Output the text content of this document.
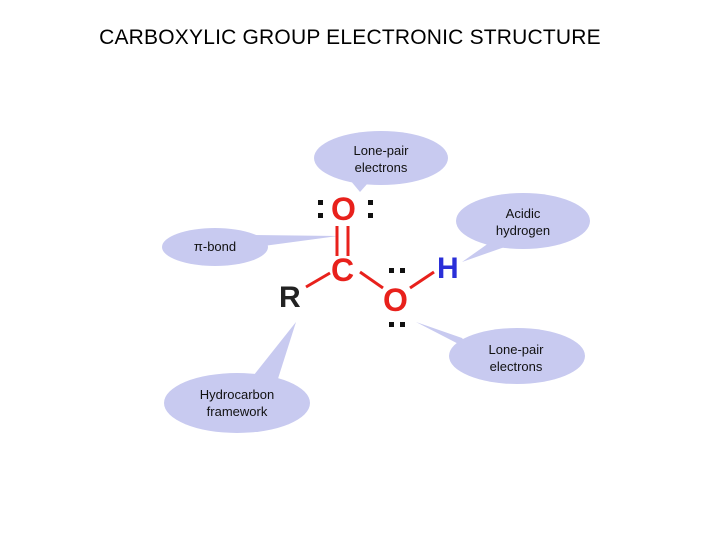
CARBOXYLIC GROUP ELECTRONIC STRUCTURE
Lone-pair
electrons
Acidic
hydrogen
π-bond
Lone-pair
electrons
Hydrocarbon
framework
O
C
R	O
H
